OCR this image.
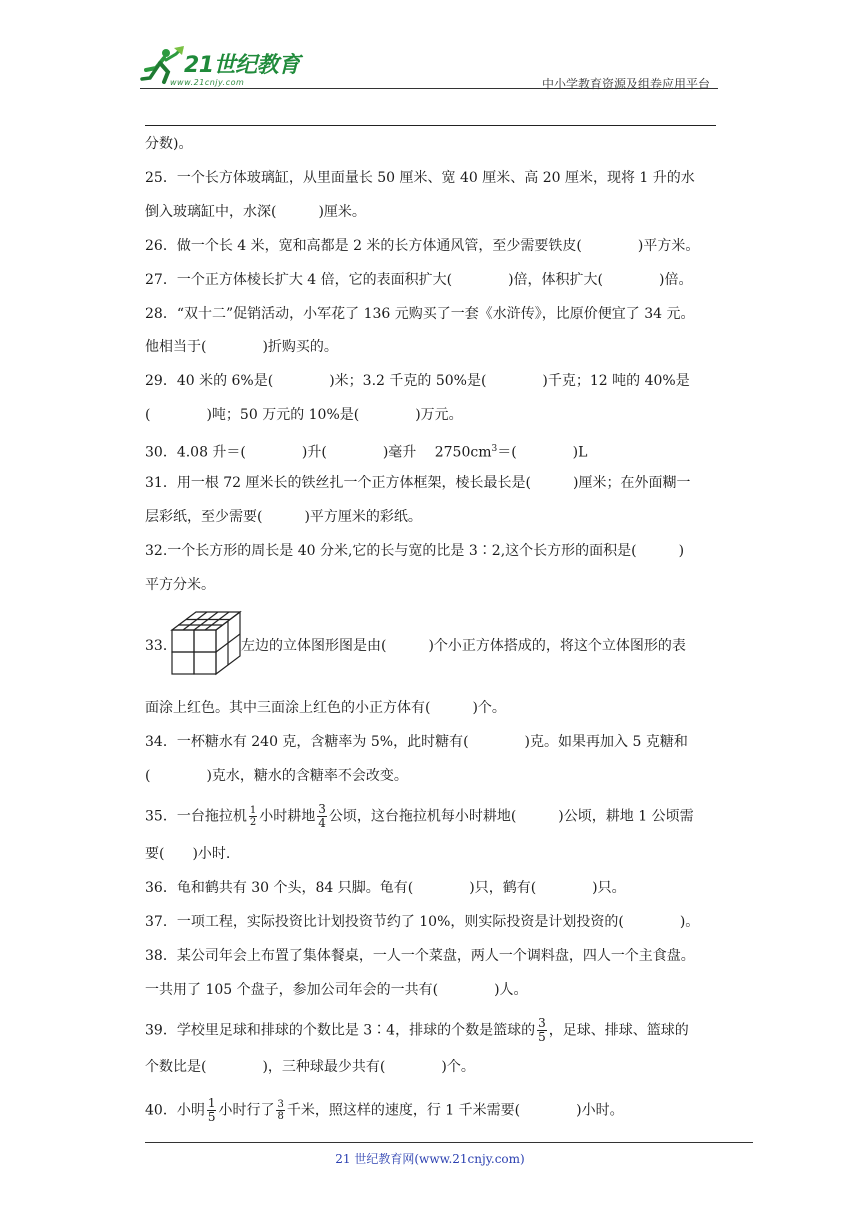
21世纪教育
www.21cnjy.com	中小学教育资源及组卷应用平台
分数)。
25．一个长方体玻璃缸，从里面量长 50 厘米、宽 40 厘米、高 20 厘米，现将 1 升的水
倒入玻璃缸中，水深(　　　)厘米。
26．做一个长 4 米，宽和高都是 2 米的长方体通风管，至少需要铁皮(　　　　)平方米。
27．一个正方体棱长扩大 4 倍，它的表面积扩大(　　　　)倍，体积扩大(　　　　)倍。
28．“双十二”促销活动，小军花了 136 元购买了一套《水浒传》，比原价便宜了 34 元。
他相当于(　　　　)折购买的。
29．40 米的 6%是(　　　　)米；3.2 千克的 50%是(　　　　)千克；12 吨的 40%是
(　　　　)吨；50 万元的 10%是(　　　　)万元。
30．4.08 升＝(　　　　)升(　　　　)毫升　 $2750cm^3=$(　　　　)L
31．用一根 72 厘米长的铁丝扎一个正方体框架，棱长最长是(　　　)厘米；在外面糊一
层彩纸，至少需要(　　　)平方厘米的彩纸。
32.一个长方形的周长是 40 分米,它的长与宽的比是 3∶2,这个长方形的面积是(　　　)
平方分米。
33．	左边的立体图形图是由(　　　)个小正方体搭成的，将这个立体图形的表
面涂上红色。其中三面涂上红色的小正方体有(　　　)个。
34．一杯糖水有 240 克，含糖率为 5%，此时糖有(　　　　)克。如果再加入 5 克糖和
(　　　　)克水，糖水的含糖率不会改变。
35．一台拖拉机 $\frac{1}{2}$ 小时耕地 $\frac{3}{4}$ 公顷，这台拖拉机每小时耕地(　　　)公顷，耕地 1 公顷需
要(　　)小时.
36．龟和鹤共有 30 个头，84 只脚。龟有(　　　　)只，鹤有(　　　　)只。
37．一项工程，实际投资比计划投资节约了 10%，则实际投资是计划投资的(　　　　)。
38．某公司年会上布置了集体餐桌，一人一个菜盘，两人一个调料盘，四人一个主食盘。
一共用了 105 个盘子，参加公司年会的一共有(　　　　)人。
39．学校里足球和排球的个数比是 3∶4，排球的个数是篮球的 $\frac{3}{5}$ ，足球、排球、篮球的
个数比是(　　　　)，三种球最少共有(　　　　)个。
40．小明 $\frac{1}{5}$ 小时行了 $\frac{3}{8}$ 千米，照这样的速度，行 1 千米需要(　　　　)小时。
21 世纪教育网(www.21cnjy.com)
